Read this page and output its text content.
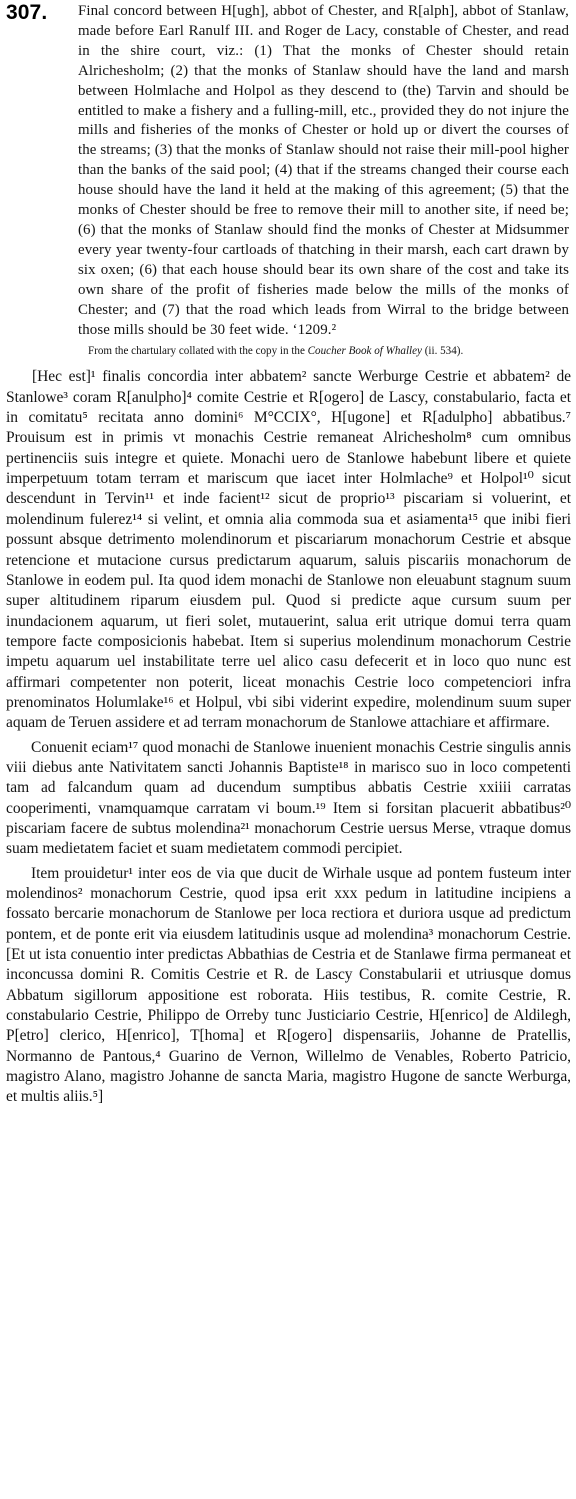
307. Final concord between H[ugh], abbot of Chester, and R[alph], abbot of Stanlaw, made before Earl Ranulf III. and Roger de Lacy, constable of Chester, and read in the shire court, viz.: (1) That the monks of Chester should retain Alrichesholm; (2) that the monks of Stanlaw should have the land and marsh between Holmlache and Holpol as they descend to (the) Tarvin and should be entitled to make a fishery and a fulling-mill, etc., provided they do not injure the mills and fisheries of the monks of Chester or hold up or divert the courses of the streams; (3) that the monks of Stanlaw should not raise their mill-pool higher than the banks of the said pool; (4) that if the streams changed their course each house should have the land it held at the making of this agreement; (5) that the monks of Chester should be free to remove their mill to another site, if need be; (6) that the monks of Stanlaw should find the monks of Chester at Midsummer every year twenty-four cartloads of thatching in their marsh, each cart drawn by six oxen; (6) that each house should bear its own share of the cost and take its own share of the profit of fisheries made below the mills of the monks of Chester; and (7) that the road which leads from Wirral to the bridge between those mills should be 30 feet wide. ‘1209.²
From the chartulary collated with the copy in the Coucher Book of Whalley (ii. 534).

[Hec est]¹ finalis concordia inter abbatem² sancte Werburge Cestrie et abbatem² de Stanlowe³ coram R[anulpho]⁴ comite Cestrie et R[ogero] de Lascy, constabulario, facta et in comitatu⁵ recitata anno domini⁶ M°CCIX°, H[ugone] et R[adulpho] abbatibus.⁷ Prouisum est in primis vt monachis Cestrie remaneat Alrichesholm⁸ cum omnibus pertinenciis suis integre et quiete. Monachi uero de Stanlowe habebunt libere et quiete imperpetuum totam terram et mariscum que iacet inter Holmlache⁹ et Holpol¹⁰ sicut descendunt in Tervin¹¹ et inde facient¹² sicut de proprio¹³ piscariam si voluerint, et molendinum fulerez¹⁴ si velint, et omnia alia commoda sua et asiamenta¹⁵ que inibi fieri possunt absque detrimento molendinorum et piscariarum monachorum Cestrie et absque retencione et mutacione cursus predictarum aquarum, saluis piscariis monachorum de Stanlowe in eodem pul. Ita quod idem monachi de Stanlowe non eleuabunt stagnum suum super altitudinem riparum eiusdem pul. Quod si predicte aque cursum suum per inundacionem aquarum, ut fieri solet, mutauerint, salua erit utrique domui terra quam tempore facte composicionis habebat. Item si superius molendinum monachorum Cestrie impetu aquarum uel instabilitate terre uel alico casu defecerit et in loco quo nunc est affirmari competenter non poterit, liceat monachis Cestrie loco competenciori infra prenominatos Holumlake¹⁶ et Holpul, vbi sibi viderint expedire, molendinum suum super aquam de Teruen assidere et ad terram monachorum de Stanlowe attachiare et affirmare.

Conuenit eciam¹⁷ quod monachi de Stanlowe inuenient monachis Cestrie singulis annis viii diebus ante Nativitatem sancti Johannis Baptiste¹⁸ in marisco suo in loco competenti tam ad falcandum quam ad ducendum sumptibus abbatis Cestrie xxiiii carratas cooperimenti, vnamquamque carratam vi boum.¹⁹ Item si forsitan placuerit abbatibus²⁰ piscariam facere de subtus molendina²¹ monachorum Cestrie uersus Merse, vtraque domus suam medietatem faciet et suam medietatem commodi percipiet.

Item prouidetur¹ inter eos de via que ducit de Wirhale usque ad pontem fusteum inter molendinos² monachorum Cestrie, quod ipsa erit xxx pedum in latitudine incipiens a fossato bercarie monachorum de Stanlowe per loca rectiora et duriora usque ad predictum pontem, et de ponte erit via eiusdem latitudinis usque ad molendina³ monachorum Cestrie. [Et ut ista conuentio inter predictas Abbathias de Cestria et de Stanlawe firma permaneat et inconcussa domini R. Comitis Cestrie et R. de Lascy Constabularii et utriusque domus Abbatum sigillorum appositione est roborata. Hiis testibus, R. comite Cestrie, R. constabulario Cestrie, Philippo de Orreby tunc Justiciario Cestrie, H[enrico] de Aldilegh, P[etro] clerico, H[enrico], T[homa] et R[ogero] dispensariis, Johanne de Pratellis, Normanno de Pantous,⁴ Guarino de Vernon, Willelmo de Venables, Roberto Patricio, magistro Alano, magistro Johanne de sancta Maria, magistro Hugone de sancte Werburga, et multis aliis.⁵]
